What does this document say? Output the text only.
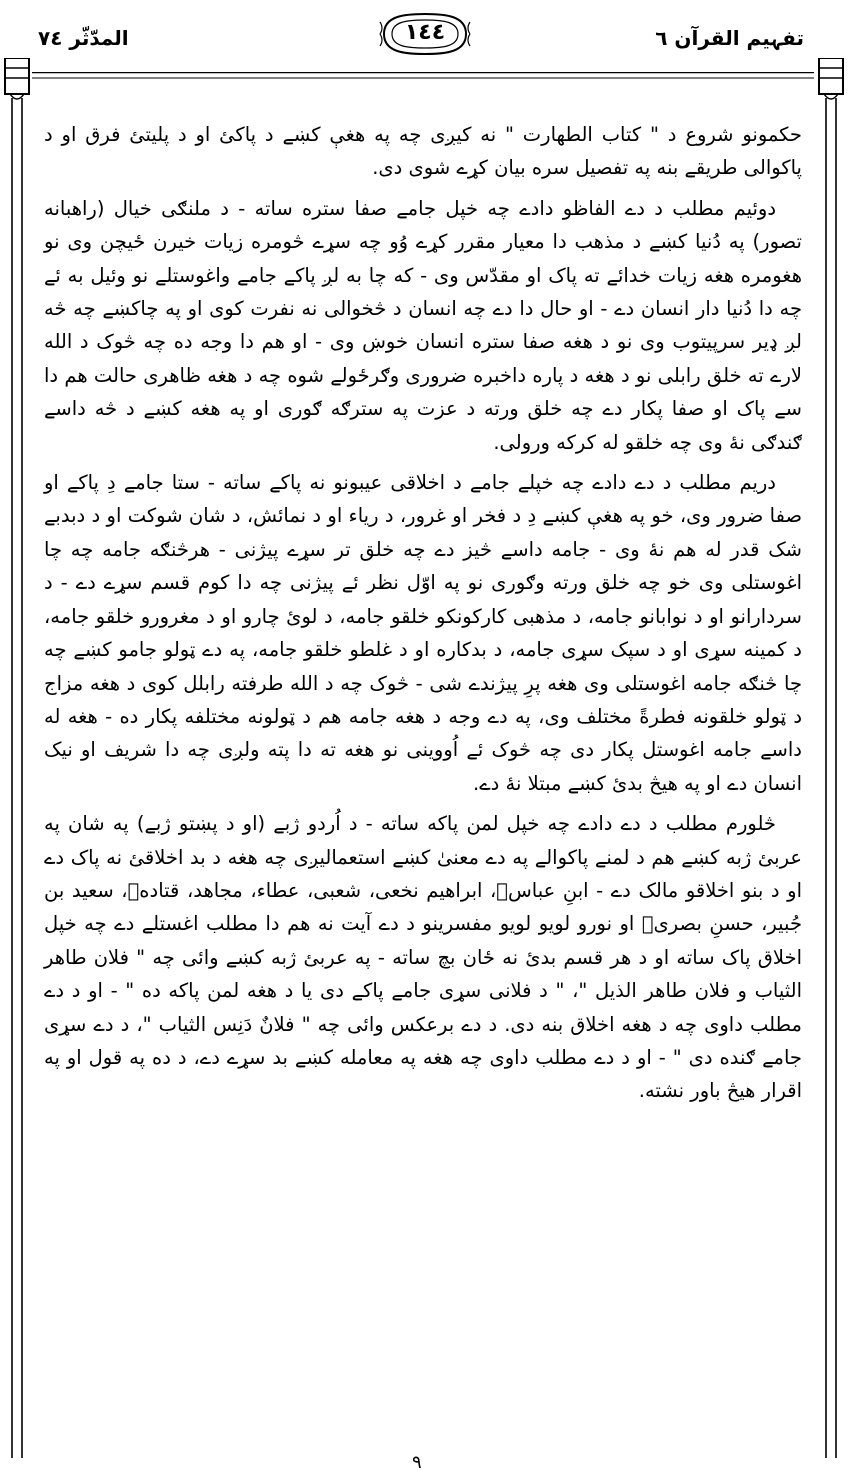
المدّثّر ٧٤	١٤٤	تفہیم القرآن ٦

حکمونو شروع د " کتاب الطهارت " نه کیږی چه په هغې کښے د پاکئ او د پلیتئ فرق او د پاکوالی طریقے بنه په تفصیل سره بیان کړے شوی دی.

دوئیم مطلب د دے الفاظو دادے چه خپل جامے صفا ستره ساته - د ملنګی خیال (راهبانه تصور) په دُنیا کښے د مذهب دا معیار مقرر کړے وُو چه سړے څومره زیات خیرن ځیچن وی نو هغومره هغه زیات خدائے ته پاک او مقدّس وی - که چا به لږ پاکے جامے واغوستلے نو وئیل به ئے چه دا دُنیا دار انسان دے - او حال دا دے چه انسان د څخوالی نه نفرت کوی او په چاکښے چه څه لږ ډیر سرپیتوب وی نو د هغه صفا ستره انسان خوښ وی - او هم دا وجه ده چه څوک د الله لارے ته خلق رابلی نو د هغه د پاره داخبره ضروری وګرځولے شوه چه د هغه ظاهری حالت هم دا سے پاک او صفا پکار دے چه خلق ورته د عزت په سترګه ګوری او په هغه کښے د څه داسے ګندګی نهٔ وی چه خلقو له کرکه ورولی.

دریم مطلب د دے دادے چه خپلے جامے د اخلاقی عیبونو نه پاکے ساته - ستا جامے دِ پاکے او صفا ضرور وی، خو په هغې کښے دِ د فخر او غرور، د ریاء او د نمائش، د شان شوکت او د دبدبے شک قدر له هم نهٔ وی - جامه داسے څیز دے چه خلق تر سړے پیژنی - هرڅنګه جامه چه چا اغوستلی وی خو چه خلق ورته وګوری نو په اوّل نظر ئے پیژنی چه دا کوم قسم سړے دے - د سردارانو او د نوابانو جامه، د مذهبی کارکونکو خلقو جامه، د لوئ چارو او د مغرورو خلقو جامه، د کمینه سړی او د سپک سړی جامه، د بدکاره او د غلطو خلقو جامه، په دے ټولو جامو کښے چه چا څنګه جامه اغوستلی وی هغه پرِ پیژندے شی - څوک چه د الله طرفته رابلل کوی د هغه مزاج د ټولو خلقونه فطرةً مختلف وی، په دے وجه د هغه جامه هم د ټولونه مختلفه پکار ده - هغه له داسے جامه اغوستل پکار دی چه څوک ئے اُووینی نو هغه ته دا پته ولږی چه دا شریف او نیک انسان دے او په هیڅ بدئ کښے مبتلا نهٔ دے.

څلورم مطلب د دے دادے چه خپل لمن پاکه ساته - د اُردو ژبے (او د پښتو ژبے) په شان په عربئ ژبه کښے هم د لمنے پاکوالے په دے معنیٰ کښے استعمالیږی چه هغه د بد اخلاقئ نه پاک دے او د بنو اخلاقو مالک دے - ابنِ عباسؓ، ابراهیم نخعی، شعبی، عطاء، مجاهد، قتادهؒ، سعید بن جُبیر، حسنِ بصریؒ او نورو لویو لویو مفسرینو د دے آیت نه هم دا مطلب اغستلے دے چه خپل اخلاق پاک ساته او د هر قسم بدئ نه ځان بچ ساته - په عربئ ژبه کښے وائی چه " فلان طاهر الثیاب و فلان طاهر الذیل "، " د فلانی سړی جامے پاکے دی یا د هغه لمن پاکه ده " - او د دے مطلب داوی چه د هغه اخلاق بنه دی. د دے برعکس وائی چه " فلانٌ دَنِس الثیاب "، د دے سړی جامے ګنده دی " - او د دے مطلب داوی چه هغه په معامله کښے بد سړے دے، د ده په قول او په اقرار هیڅ باور نشته.

٩
